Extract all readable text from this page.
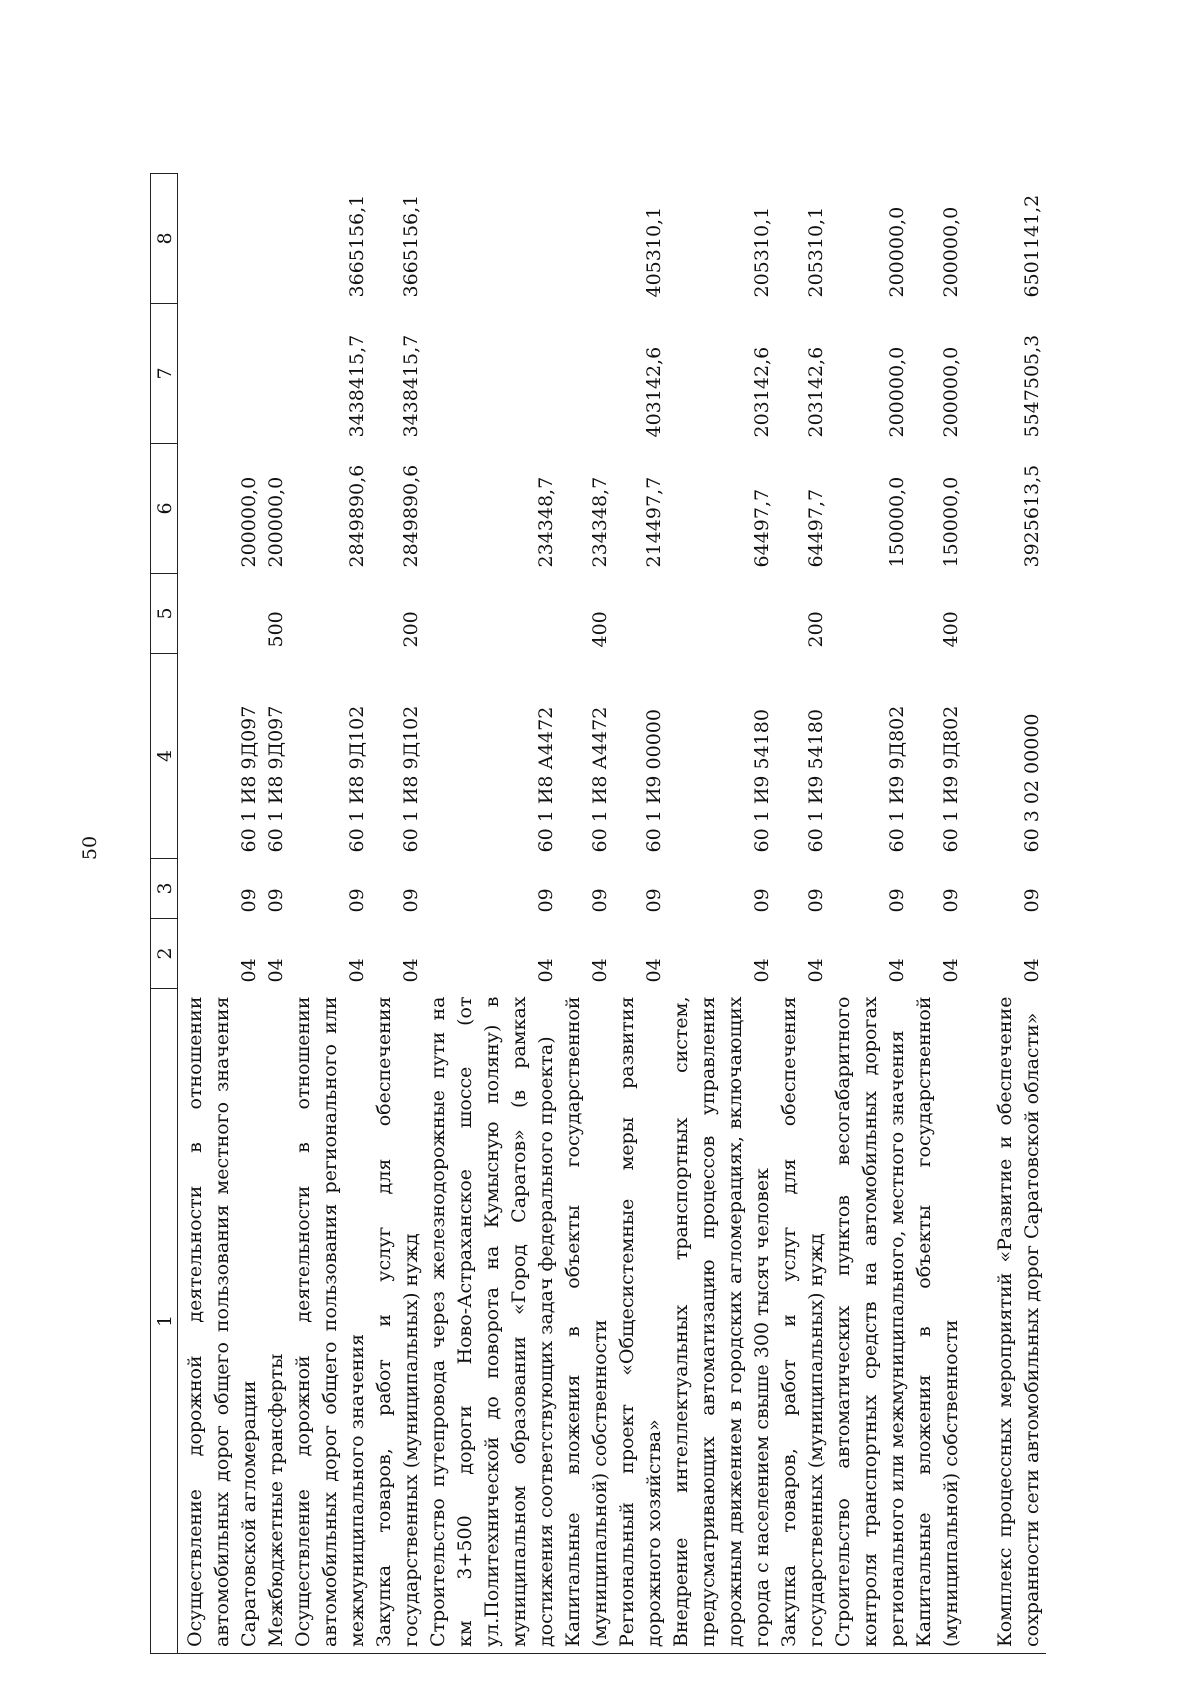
50
1	2	3	4	5	6	7	8
Осуществление дорожной деятельности в отношении автомобильных дорог общего пользования местного значения Саратовской агломерации	04	09	60 1 И8 9Д097		200000,0		
Межбюджетные трансферты	04	09	60 1 И8 9Д097	500	200000,0		
Осуществление дорожной деятельности в отношении автомобильных дорог общего пользования регионального или межмуниципального значения	04	09	60 1 И8 9Д102		2849890,6	3438415,7	3665156,1
Закупка товаров, работ и услуг для обеспечения государственных (муниципальных) нужд	04	09	60 1 И8 9Д102	200	2849890,6	3438415,7	3665156,1
Строительство путепровода через железнодорожные пути на км 3+500 дороги Ново-Астраханское шоссе (от ул.Политехнической до поворота на Кумысную поляну) в муниципальном образовании «Город Саратов» (в рамках достижения соответствующих задач федерального проекта)	04	09	60 1 И8 А4472		234348,7		
Капитальные вложения в объекты государственной (муниципальной) собственности	04	09	60 1 И8 А4472	400	234348,7		
Региональный проект «Общесистемные меры развития дорожного хозяйства»	04	09	60 1 И9 00000		214497,7	403142,6	405310,1
Внедрение интеллектуальных транспортных систем, предусматривающих автоматизацию процессов управления дорожным движением в городских агломерациях, включающих города с населением свыше 300 тысяч человек	04	09	60 1 И9 54180		64497,7	203142,6	205310,1
Закупка товаров, работ и услуг для обеспечения государственных (муниципальных) нужд	04	09	60 1 И9 54180	200	64497,7	203142,6	205310,1
Строительство автоматических пунктов весогабаритного контроля транспортных средств на автомобильных дорогах регионального или межмуниципального, местного значения	04	09	60 1 И9 9Д802		150000,0	200000,0	200000,0
Капитальные вложения в объекты государственной (муниципальной) собственности	04	09	60 1 И9 9Д802	400	150000,0	200000,0	200000,0
Комплекс процессных мероприятий «Развитие и обеспечение сохранности сети автомобильных дорог Саратовской области»	04	09	60 3 02 00000		3925613,5	5547505,3	6501141,2
